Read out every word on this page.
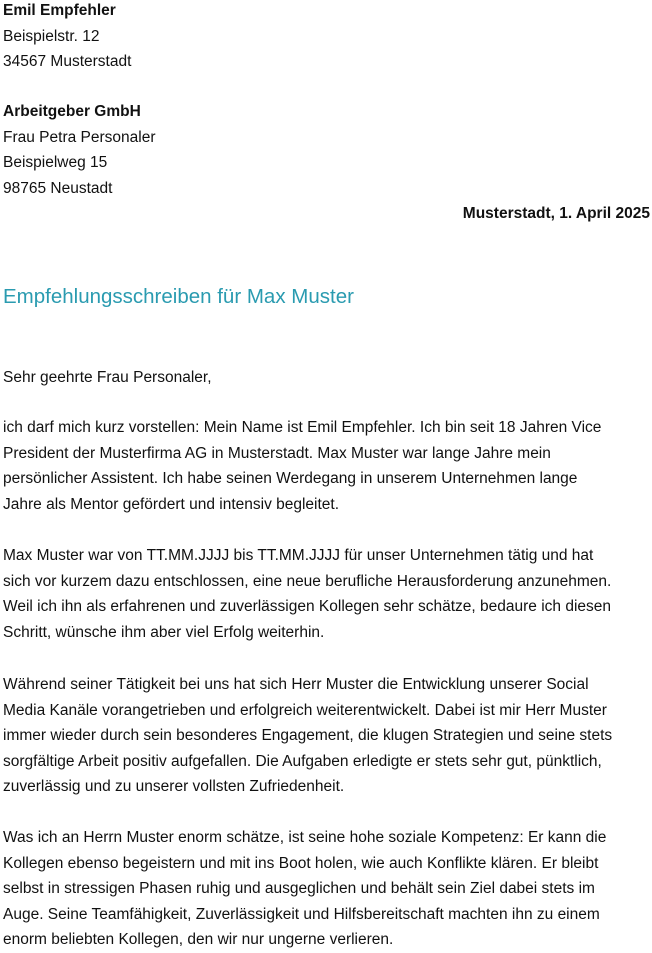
Emil Empfehler
Beispielstr. 12
34567 Musterstadt
Arbeitgeber GmbH
Frau Petra Personaler
Beispielweg 15
98765 Neustadt
Musterstadt, 1. April 2025
Empfehlungsschreiben für Max Muster
Sehr geehrte Frau Personaler,
ich darf mich kurz vorstellen: Mein Name ist Emil Empfehler. Ich bin seit 18 Jahren Vice
President der Musterfirma AG in Musterstadt. Max Muster war lange Jahre mein
persönlicher Assistent. Ich habe seinen Werdegang in unserem Unternehmen lange
Jahre als Mentor gefördert und intensiv begleitet.
Max Muster war von TT.MM.JJJJ bis TT.MM.JJJJ für unser Unternehmen tätig und hat
sich vor kurzem dazu entschlossen, eine neue berufliche Herausforderung anzunehmen.
Weil ich ihn als erfahrenen und zuverlässigen Kollegen sehr schätze, bedaure ich diesen
Schritt, wünsche ihm aber viel Erfolg weiterhin.
Während seiner Tätigkeit bei uns hat sich Herr Muster die Entwicklung unserer Social
Media Kanäle vorangetrieben und erfolgreich weiterentwickelt. Dabei ist mir Herr Muster
immer wieder durch sein besonderes Engagement, die klugen Strategien und seine stets
sorgfältige Arbeit positiv aufgefallen. Die Aufgaben erledigte er stets sehr gut, pünktlich,
zuverlässig und zu unserer vollsten Zufriedenheit.
Was ich an Herrn Muster enorm schätze, ist seine hohe soziale Kompetenz: Er kann die
Kollegen ebenso begeistern und mit ins Boot holen, wie auch Konflikte klären. Er bleibt
selbst in stressigen Phasen ruhig und ausgeglichen und behält sein Ziel dabei stets im
Auge. Seine Teamfähigkeit, Zuverlässigkeit und Hilfsbereitschaft machten ihn zu einem
enorm beliebten Kollegen, den wir nur ungerne verlieren.
